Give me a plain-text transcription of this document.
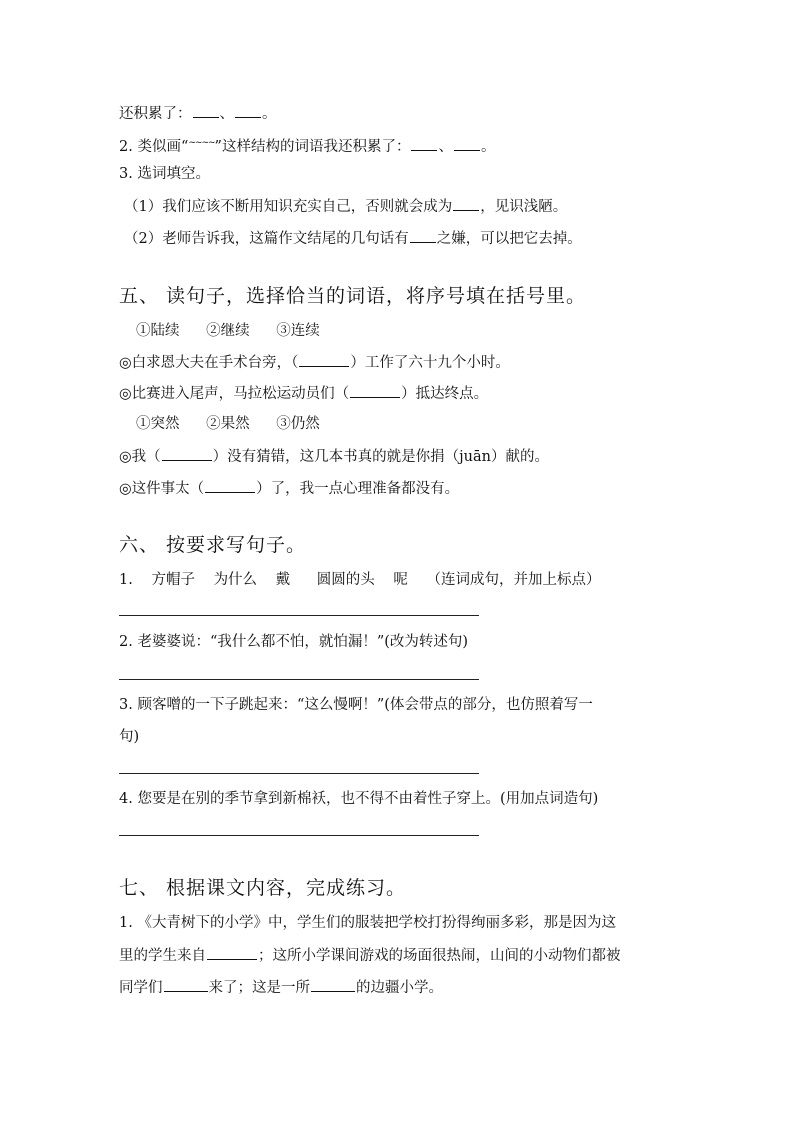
还积累了： 、 。
2. 类似画“~~~~”这样结构的词语我还积累了： 、 。
3. 选词填空。
（1）我们应该不断用知识充实自己，否则就会成为 ，见识浅陋。
（2）老师告诉我，这篇作文结尾的几句话有 之嫌，可以把它去掉。
五、 读句子，选择恰当的词语，将序号填在括号里。
①陆续 ②继续 ③连续
◎白求恩大夫在手术台旁，（	）工作了六十九个小时。
◎比赛进入尾声，马拉松运动员们（	）抵达终点。
①突然 ②果然 ③仍然
◎我（	）没有猜错，这几本书真的就是你捐（juān）献的。
◎这件事太（	）了，我一点心理准备都没有。
六、 按要求写句子。
1. 方帽子 为什么 戴 圆圆的头 呢 （连词成句，并加上标点）
2. 老婆婆说：“我什么都不怕，就怕漏！”(改为转述句)
3. 顾客噌的一下子跳起来：“这么慢啊！”(体会带点的部分，也仿照着写一
句)
4. 您要是在别的季节拿到新棉袄，也不得不由着性子穿上。(用加点词造句)
七、 根据课文内容，完成练习。
1. 《大青树下的小学》中，学生们的服装把学校打扮得绚丽多彩，那是因为这
里的学生来自	；这所小学课间游戏的场面很热闹，山间的小动物们都被
同学们	来了；这是一所	的边疆小学。
